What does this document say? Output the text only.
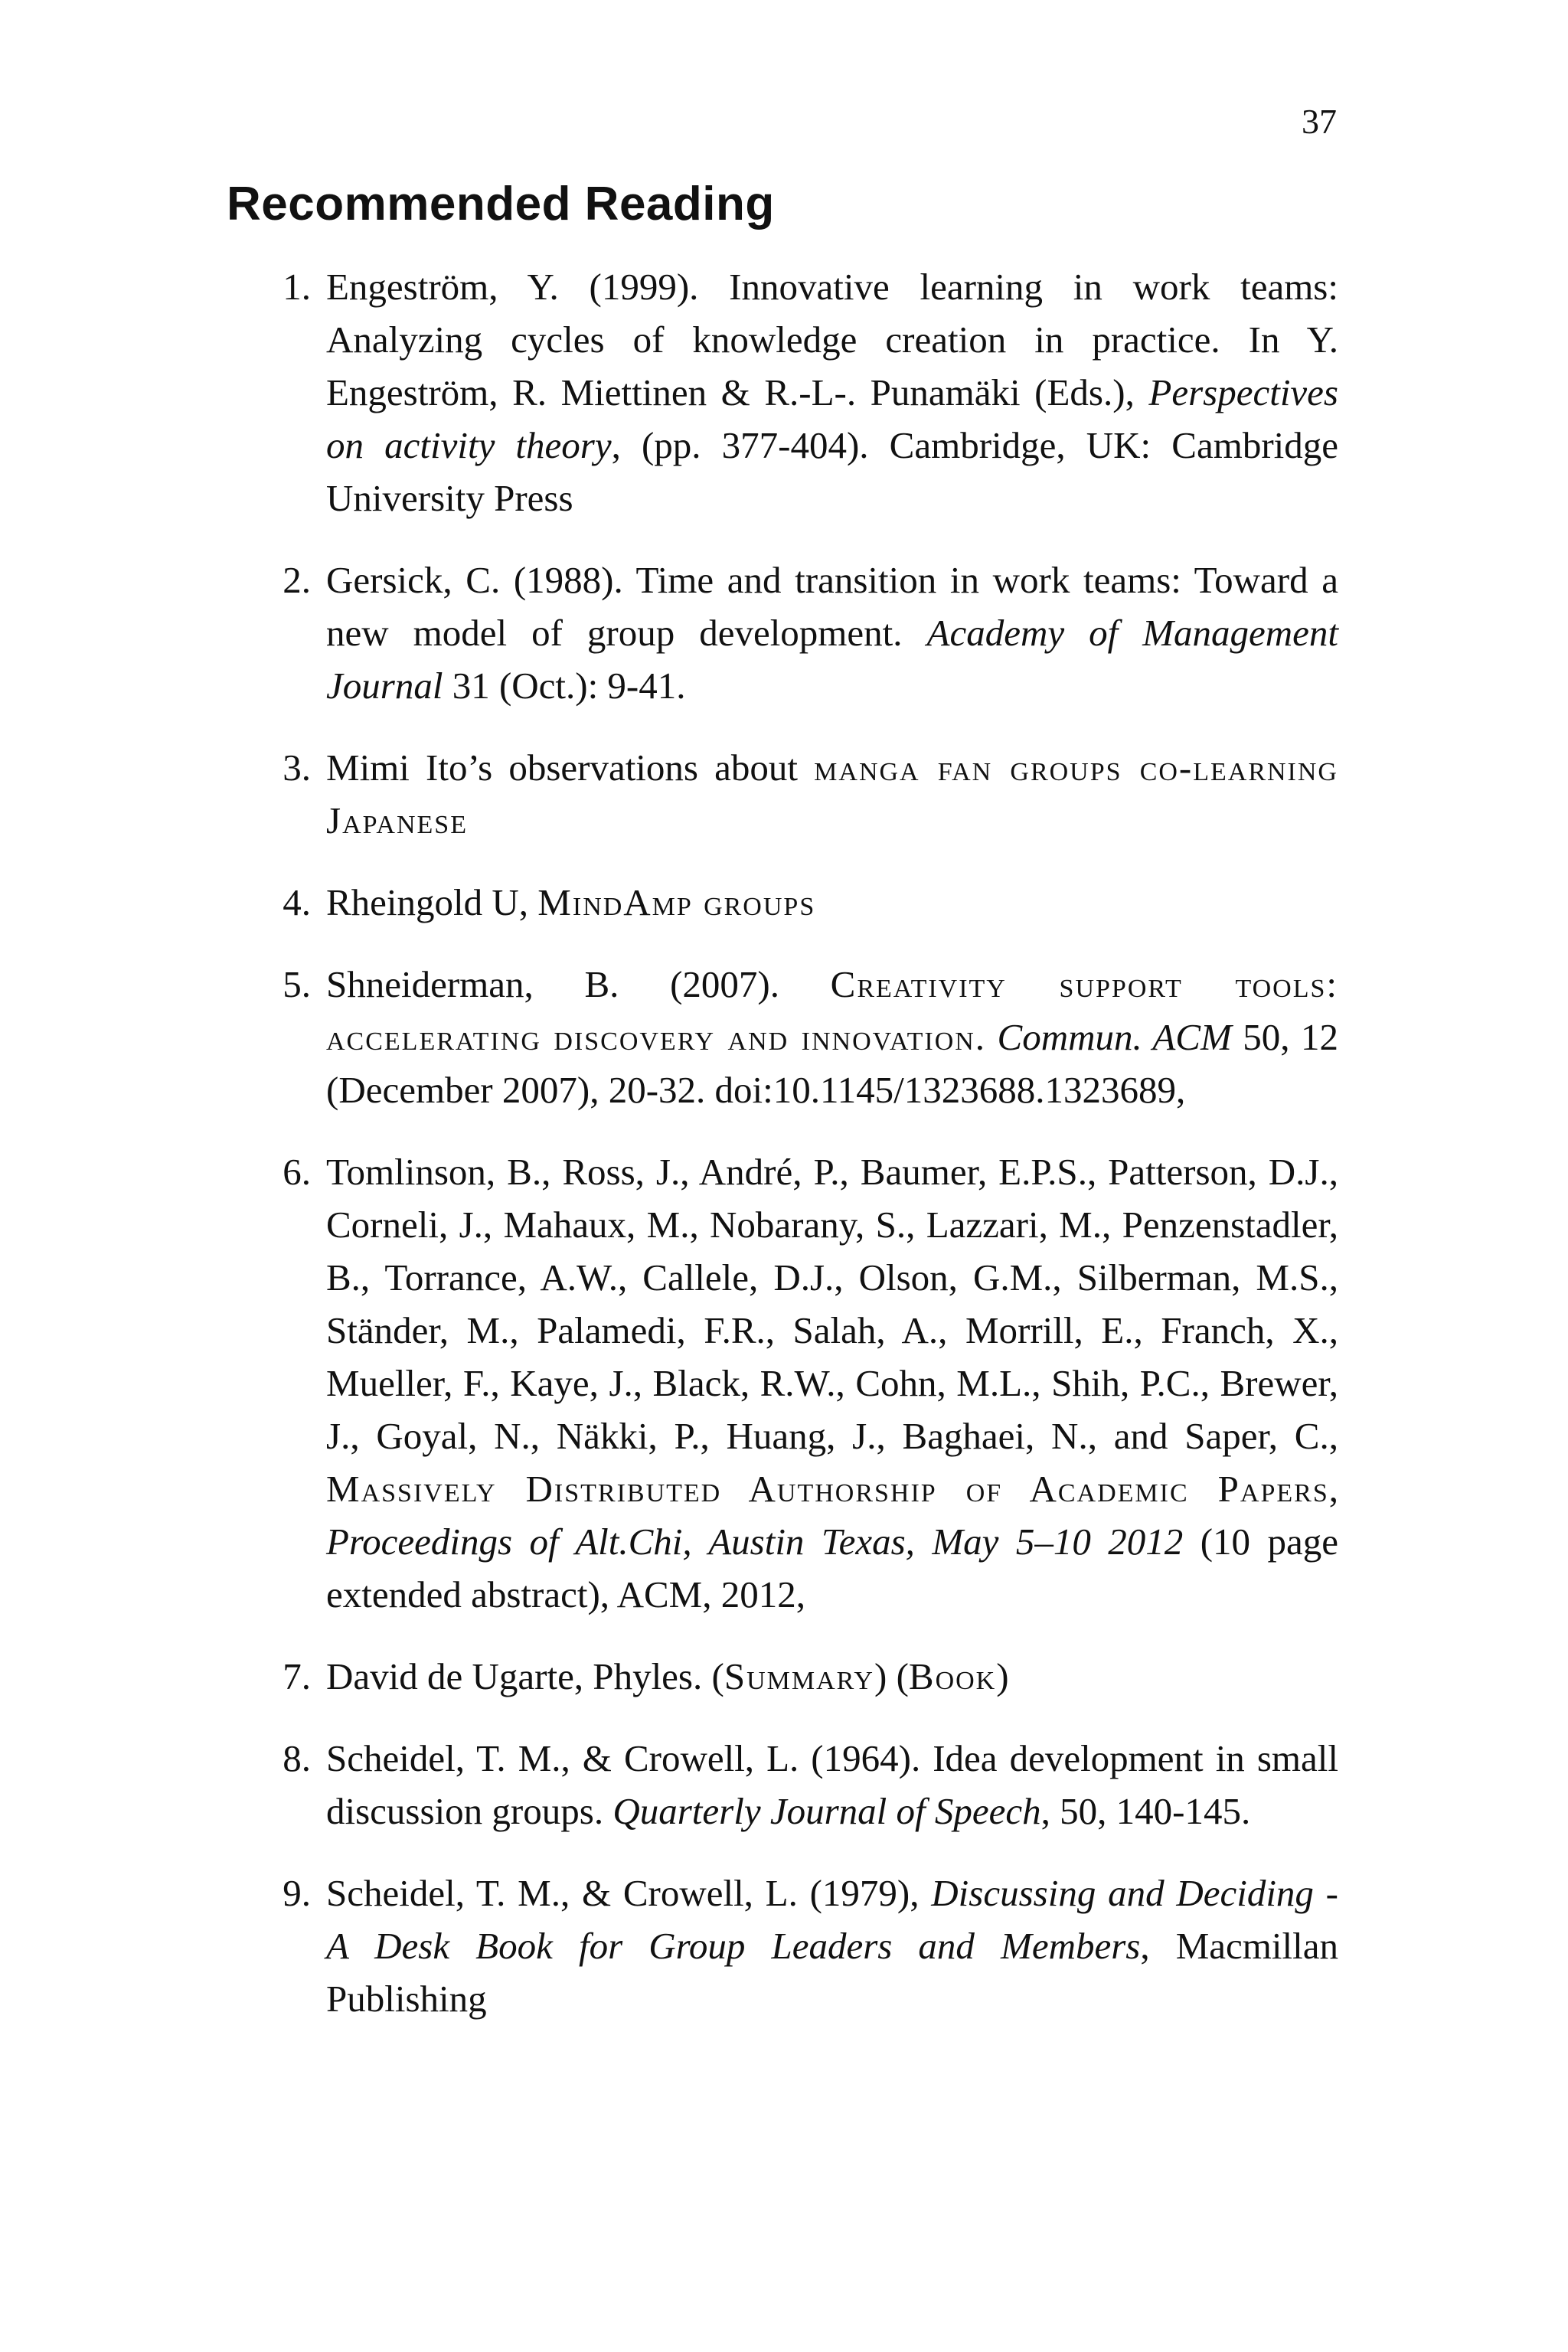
37
Recommended Reading
1. Engeström, Y. (1999). Innovative learning in work teams: Analyzing cycles of knowledge creation in practice. In Y. Engeström, R. Miettinen & R.-L-. Punamäki (Eds.), Perspectives on activity theory, (pp. 377-404). Cambridge, UK: Cambridge University Press
2. Gersick, C. (1988). Time and transition in work teams: Toward a new model of group development. Academy of Management Journal 31 (Oct.): 9-41.
3. Mimi Ito’s observations about manga fan groups co-learning Japanese
4. Rheingold U, MindAmp groups
5. Shneiderman, B. (2007). Creativity support tools: accelerating discovery and innovation. Commun. ACM 50, 12 (December 2007), 20-32. doi:10.1145/1323688.1323689,
6. Tomlinson, B., Ross, J., André, P., Baumer, E.P.S., Patterson, D.J., Corneli, J., Mahaux, M., Nobarany, S., Lazzari, M., Penzenstadler, B., Torrance, A.W., Callele, D.J., Olson, G.M., Silberman, M.S., Ständer, M., Palamedi, F.R., Salah, A., Morrill, E., Franch, X., Mueller, F., Kaye, J., Black, R.W., Cohn, M.L., Shih, P.C., Brewer, J., Goyal, N., Näkki, P., Huang, J., Baghaei, N., and Saper, C., Massively Distributed Authorship of Academic Papers, Proceedings of Alt.Chi, Austin Texas, May 5–10 2012 (10 page extended abstract), ACM, 2012,
7. David de Ugarte, Phyles. (Summary) (Book)
8. Scheidel, T. M., & Crowell, L. (1964). Idea development in small discussion groups. Quarterly Journal of Speech, 50, 140-145.
9. Scheidel, T. M., & Crowell, L. (1979), Discussing and Deciding - A Desk Book for Group Leaders and Members, Macmillan Publishing
